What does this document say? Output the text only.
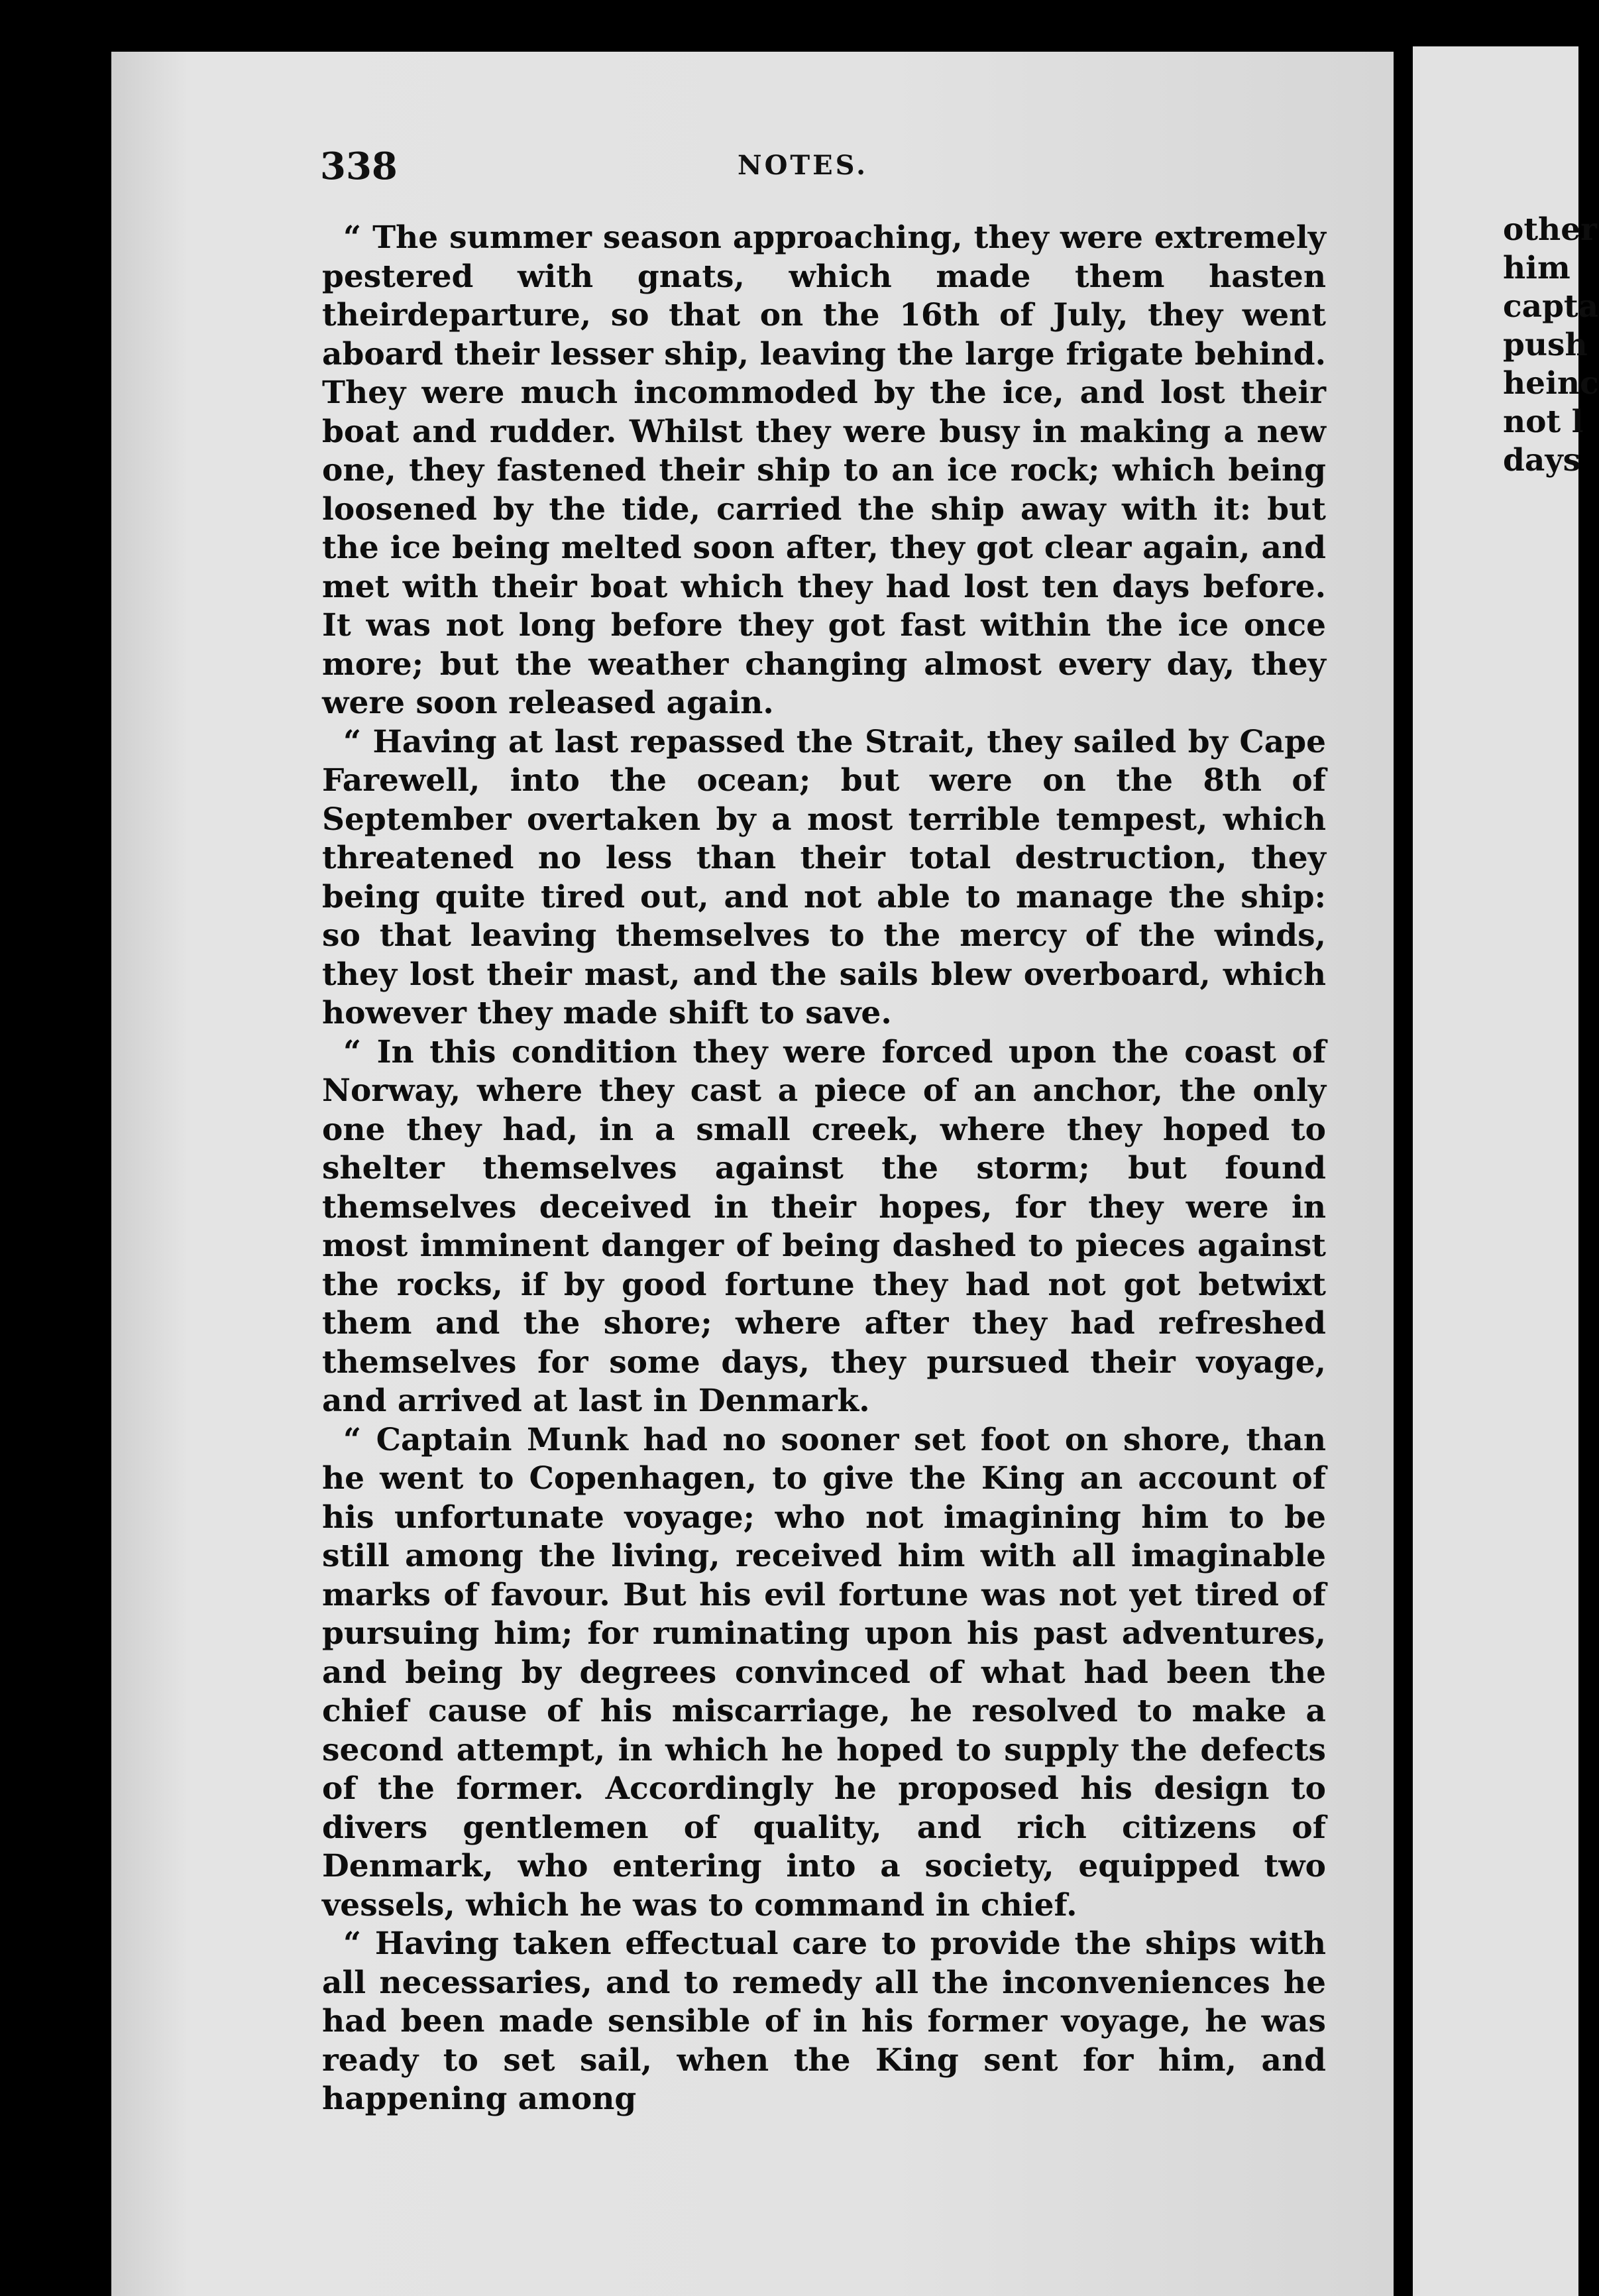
338	NOTES.

“ The summer season approaching, they were extremely pestered with gnats, which made them hasten theirdeparture, so that on the 16th of July, they went aboard their lesser ship, leaving the large frigate behind. They were much incommoded by the ice, and lost their boat and rudder. Whilst they were busy in making a new one, they fastened their ship to an ice rock; which being loosened by the tide, carried the ship away with it: but the ice being melted soon after, they got clear again, and met with their boat which they had lost ten days before. It was not long before they got fast within the ice once more; but the weather changing almost every day, they were soon released again.

“ Having at last repassed the Strait, they sailed by Cape Farewell, into the ocean; but were on the 8th of September overtaken by a most terrible tempest, which threatened no less than their total destruction, they being quite tired out, and not able to manage the ship: so that leaving themselves to the mercy of the winds, they lost their mast, and the sails blew overboard, which however they made shift to save.

“ In this condition they were forced upon the coast of Norway, where they cast a piece of an anchor, the only one they had, in a small creek, where they hoped to shelter themselves against the storm; but found themselves deceived in their hopes, for they were in most imminent danger of being dashed to pieces against the rocks, if by good fortune they had not got betwixt them and the shore; where after they had refreshed themselves for some days, they pursued their voyage, and arrived at last in Denmark.

“ Captain Munk had no sooner set foot on shore, than he went to Copenhagen, to give the King an account of his unfortunate voyage; who not imagining him to be still among the living, received him with all imaginable marks of favour. But his evil fortune was not yet tired of pursuing him; for ruminating upon his past adventures, and being by degrees convinced of what had been the chief cause of his miscarriage, he resolved to make a second attempt, in which he hoped to supply the defects of the former. Accordingly he proposed his design to divers gentlemen of quality, and rich citizens of Denmark, who entering into a society, equipped two vessels, which he was to command in chief.

“ Having taken effectual care to provide the ships with all necessaries, and to remedy all the inconveniences he had been made sensible of in his former voyage, he was ready to set sail, when the King sent for him, and happening among

other
him
capta
push
heinc
not l
days
